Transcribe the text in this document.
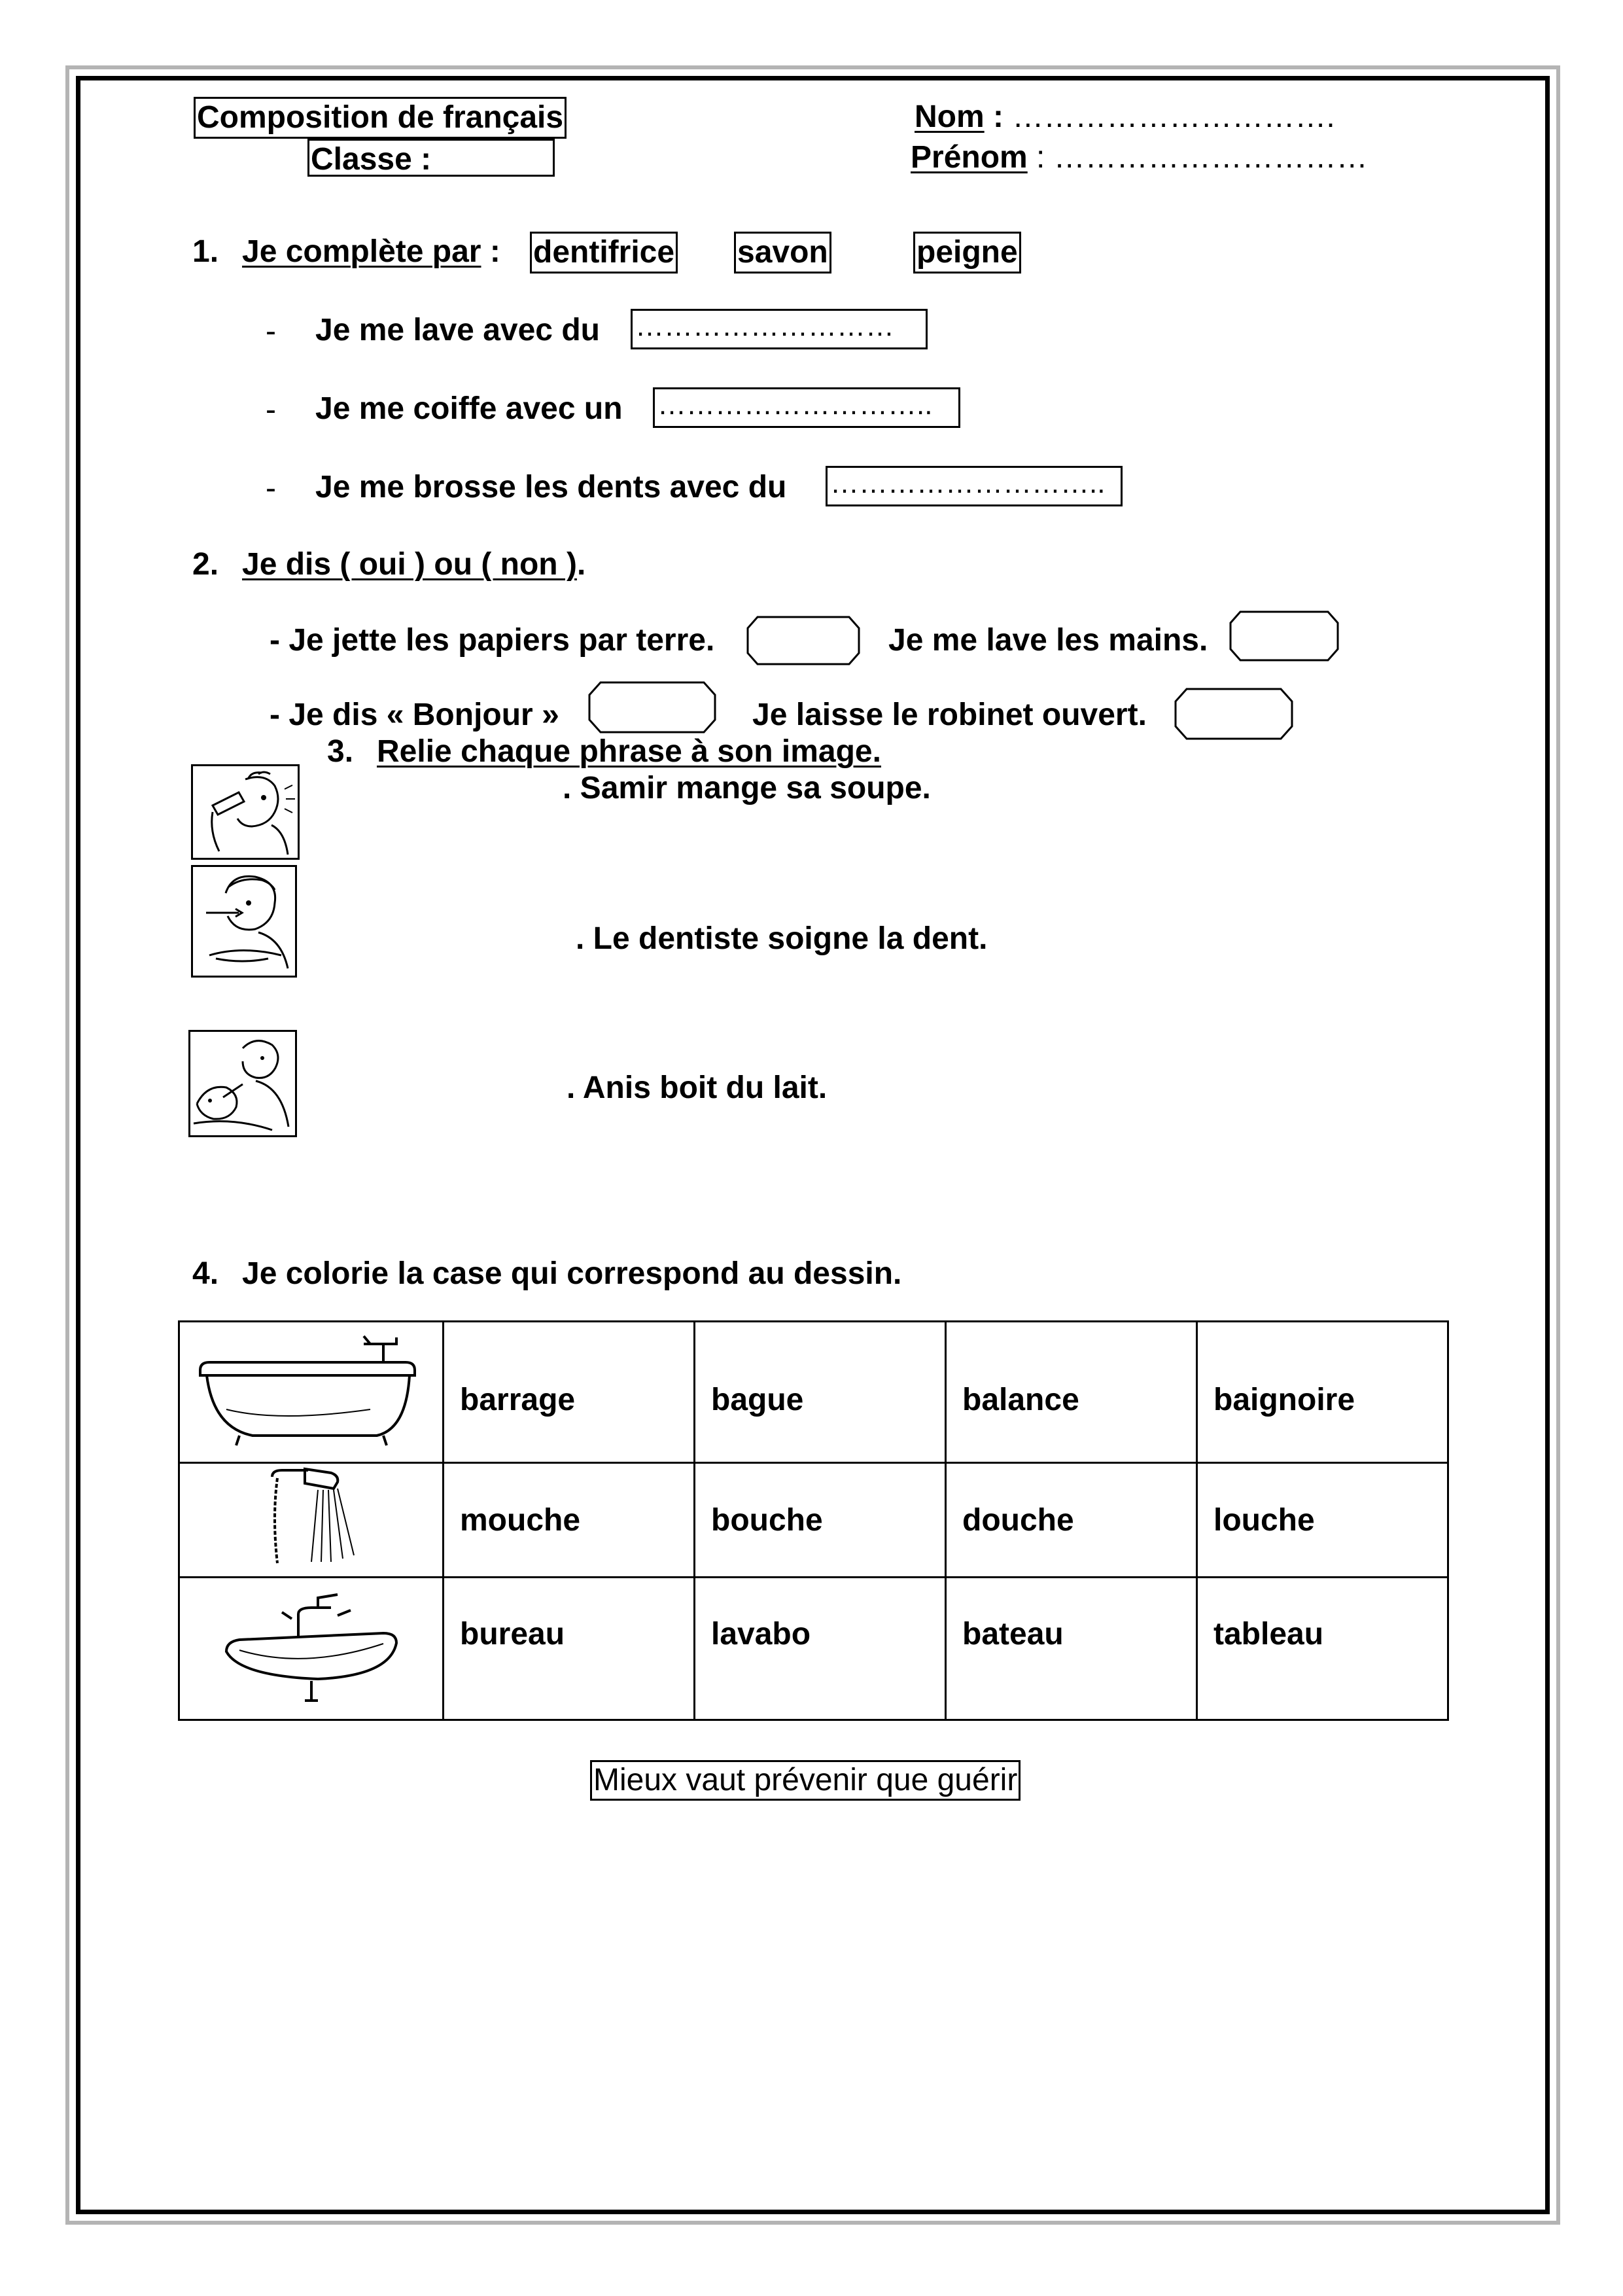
Composition de français
Classe :
Nom : ………………………….
Prénom : …………………………
1. Je complète par : dentifrice savon	peigne
- Je me lave avec du ………………………
- Je me coiffe avec un ………………………..
- Je me brosse les dents avec du ………………………..
2. Je dis ( oui ) ou ( non ).
- Je jette les papiers par terre.	Je me lave les mains.
- Je dis « Bonjour »	Je laisse le robinet ouvert.
3. Relie chaque phrase à son image.
. Samir mange sa soupe.
. Le dentiste soigne la dent.
. Anis boit du lait.
4. Je colorie la case qui correspond au dessin.
	barrage	bague	balance	baignoire
	mouche	bouche	douche	louche
	bureau	lavabo	bateau	tableau
Mieux vaut prévenir que guérir
